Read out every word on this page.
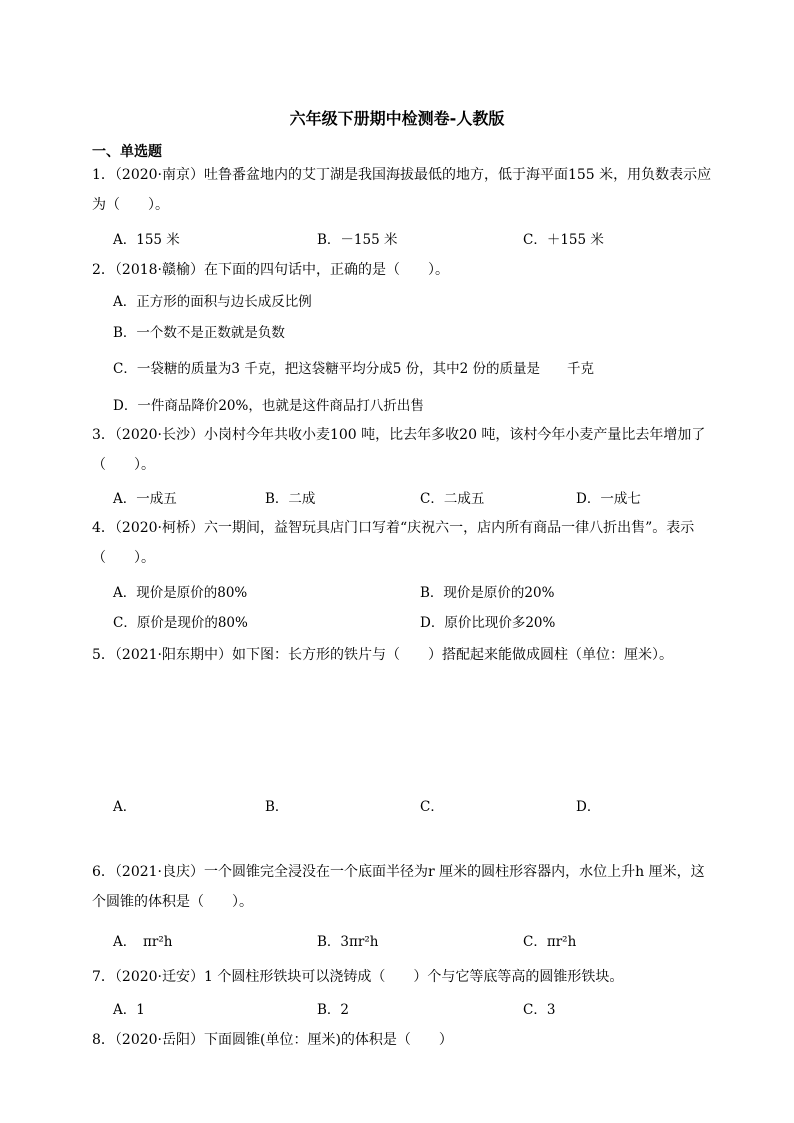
六年级下册期中检测卷-人教版
一、单选题
1．（2020·南京）吐鲁番盆地内的艾丁湖是我国海拔最低的地方，低于海平面155 米，用负数表示应为（　　）。
A．155 米	B．－155 米	C．＋155 米
2．（2018·赣榆）在下面的四句话中，正确的是（　　）。
A．正方形的面积与边长成反比例
B．一个数不是正数就是负数
C．一袋糖的质量为3 千克，把这袋糖平均分成5 份，其中2 份的质量是　　千克
D．一件商品降价20%，也就是这件商品打八折出售
3．（2020·长沙）小岗村今年共收小麦100 吨，比去年多收20 吨，该村今年小麦产量比去年增加了（　　）。
A．一成五	B．二成	C．二成五	D．一成七
4．（2020·柯桥）六一期间，益智玩具店门口写着“庆祝六一，店内所有商品一律八折出售”。表示（　　）。
A．现价是原价的80%	B．现价是原价的20%
C．原价是现价的80%	D．原价比现价多20%
5．（2021·阳东期中）如下图：长方形的铁片与（　　）搭配起来能做成圆柱（单位：厘米）。
A．	B．	C．	D．
6．（2021·良庆）一个圆锥完全浸没在一个底面半径为r 厘米的圆柱形容器内，水位上升h 厘米，这个圆锥的体积是（　　）。
A．　πr²h	B．3πr²h	C．πr²h
7．（2020·迁安）1 个圆柱形铁块可以浇铸成（　　）个与它等底等高的圆锥形铁块。
A．1	B．2	C．3
8．（2020·岳阳）下面圆锥(单位：厘米)的体积是（　　）
